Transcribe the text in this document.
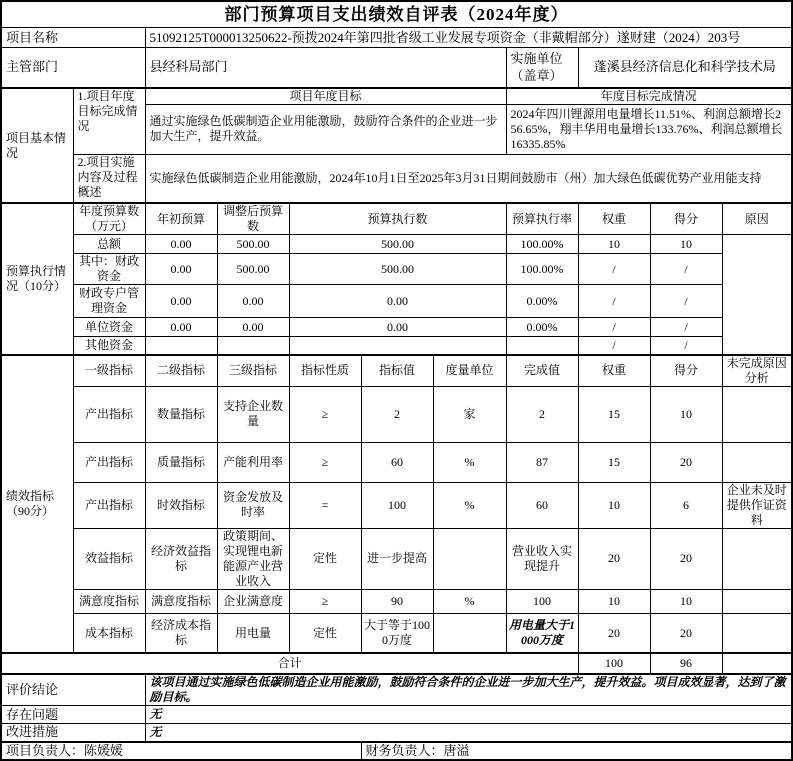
部门预算项目支出绩效自评表（2024年度）										
项目名称		51092125T000013250622-预拨2024年第四批省级工业发展专项资金（非戴帽部分）遂财建（2024）203号								
主管部门		县经科局部门					实施单位（盖章）	蓬溪县经济信息化和科学技术局		
项目基本情况	1.项目年度目标完成情况	项目年度目标					年度目标完成情况			
		通过实施绿色低碳制造企业用能激励，鼓励符合条件的企业进一步加大生产，提升效益。					2024年四川锂源用电量增长11.51%、利润总额增长256.65%，翔丰华用电量增长133.76%、利润总额增长16335.85%			
	2.项目实施内容及过程概述	实施绿色低碳制造企业用能激励，2024年10月1日至2025年3月31日期间鼓励市（州）加大绿色低碳优势产业用能支持								
预算执行情况（10分）	年度预算数（万元）	年初预算	调整后预算数	预算执行数			预算执行率	权重	得分	原因
	总额	0.00	500.00	500.00			100.00%	10	10	
	其中：财政资金	0.00	500.00	500.00			100.00%	/	/	
	财政专户管理资金	0.00	0.00	0.00			0.00%	/	/	
	单位资金	0.00	0.00	0.00			0.00%	/	/	
	其他资金							/	/	
绩效指标（90分）	一级指标	二级指标	三级指标	指标性质	指标值	度量单位	完成值	权重	得分	未完成原因分析
	产出指标	数量指标	支持企业数量	≥	2	家	2	15	10	
	产出指标	质量指标	产能利用率	≥	60	%	87	15	20	
	产出指标	时效指标	资金发放及时率	=	100	%	60	10	6	企业未及时提供作证资料
	效益指标	经济效益指标	政策期间、实现锂电新能源产业营业收入	定性	进一步提高		营业收入实现提升	20	20	
	满意度指标	满意度指标	企业满意度	≥	90	%	100	10	10	
	成本指标	经济成本指标	用电量	定性	大于等于1000万度		用电量大于1000万度	20	20	
合计								100	96	
评价结论		该项目通过实施绿色低碳制造企业用能激励，鼓励符合条件的企业进一步加大生产，提升效益。项目成效显著，达到了激励目标。								
存在问题		无								
改进措施		无								
项目负责人：陈媛媛					财务负责人：唐溢					
